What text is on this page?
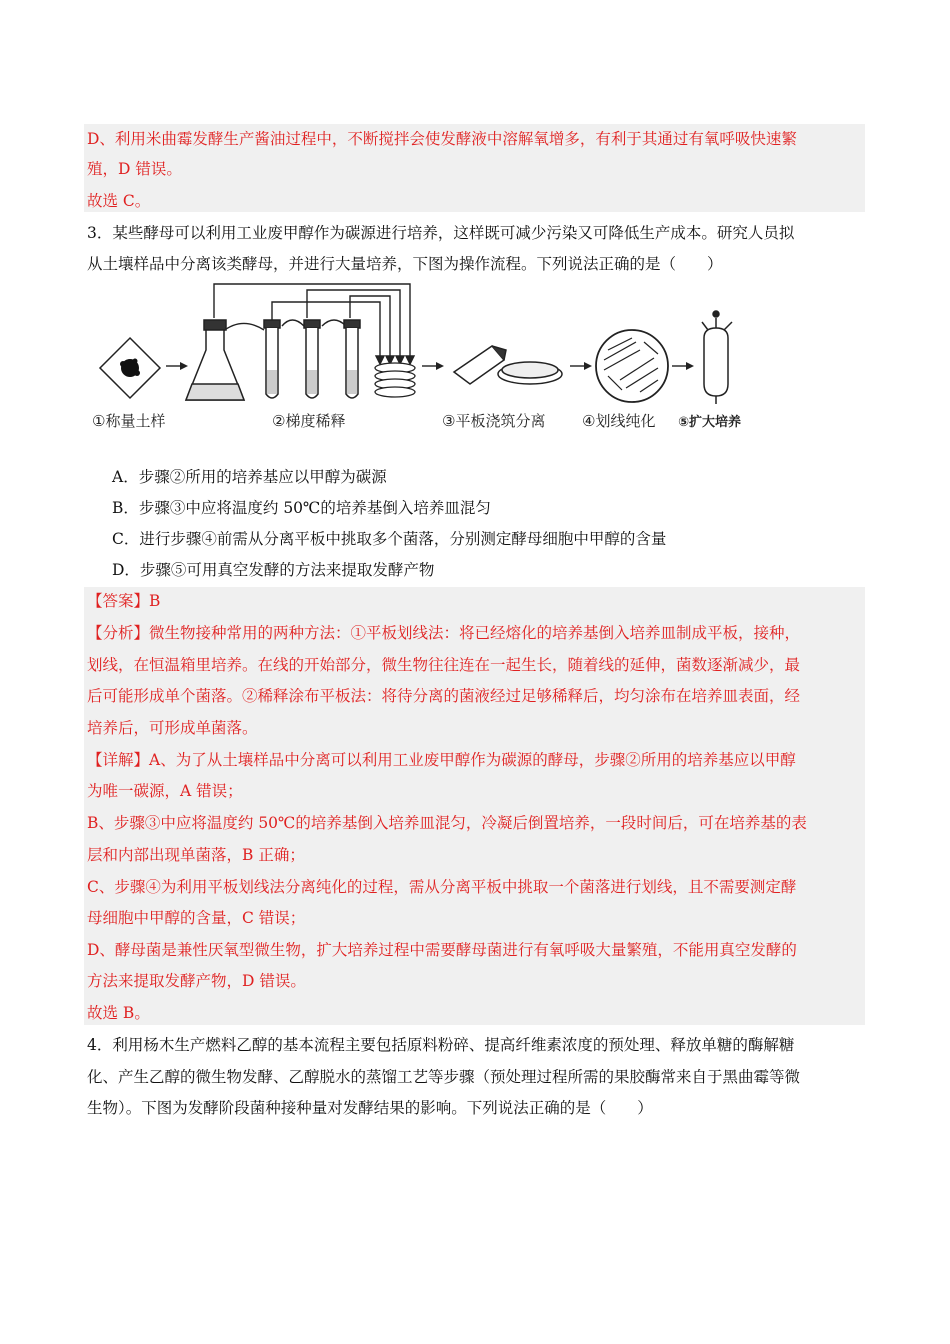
D、利用米曲霉发酵生产酱油过程中，不断搅拌会使发酵液中溶解氧增多，有利于其通过有氧呼吸快速繁
殖，D 错误。
故选 C。
3．某些酵母可以利用工业废甲醇作为碳源进行培养，这样既可减少污染又可降低生产成本。研究人员拟
从土壤样品中分离该类酵母，并进行大量培养，下图为操作流程。下列说法正确的是（　　）
①称量土样	②梯度稀释	③平板浇筑分离 ④划线纯化 ⑤扩大培养
A．步骤②所用的培养基应以甲醇为碳源
B．步骤③中应将温度约 50℃的培养基倒入培养皿混匀
C．进行步骤④前需从分离平板中挑取多个菌落，分别测定酵母细胞中甲醇的含量
D．步骤⑤可用真空发酵的方法来提取发酵产物
【答案】B
【分析】微生物接种常用的两种方法：①平板划线法：将已经熔化的培养基倒入培养皿制成平板，接种，
划线，在恒温箱里培养。在线的开始部分，微生物往往连在一起生长，随着线的延伸，菌数逐渐减少，最
后可能形成单个菌落。②稀释涂布平板法：将待分离的菌液经过足够稀释后，均匀涂布在培养皿表面，经
培养后，可形成单菌落。
【详解】A、为了从土壤样品中分离可以利用工业废甲醇作为碳源的酵母，步骤②所用的培养基应以甲醇
为唯一碳源，A 错误；
B、步骤③中应将温度约 50℃的培养基倒入培养皿混匀，冷凝后倒置培养，一段时间后，可在培养基的表
层和内部出现单菌落，B 正确；
C、步骤④为利用平板划线法分离纯化的过程，需从分离平板中挑取一个菌落进行划线，且不需要测定酵
母细胞中甲醇的含量，C 错误；
D、酵母菌是兼性厌氧型微生物，扩大培养过程中需要酵母菌进行有氧呼吸大量繁殖，不能用真空发酵的
方法来提取发酵产物，D 错误。
故选 B。
4．利用杨木生产燃料乙醇的基本流程主要包括原料粉碎、提高纤维素浓度的预处理、释放单糖的酶解糖
化、产生乙醇的微生物发酵、乙醇脱水的蒸馏工艺等步骤（预处理过程所需的果胶酶常来自于黑曲霉等微
生物）。下图为发酵阶段菌种接种量对发酵结果的影响。下列说法正确的是（　　）
